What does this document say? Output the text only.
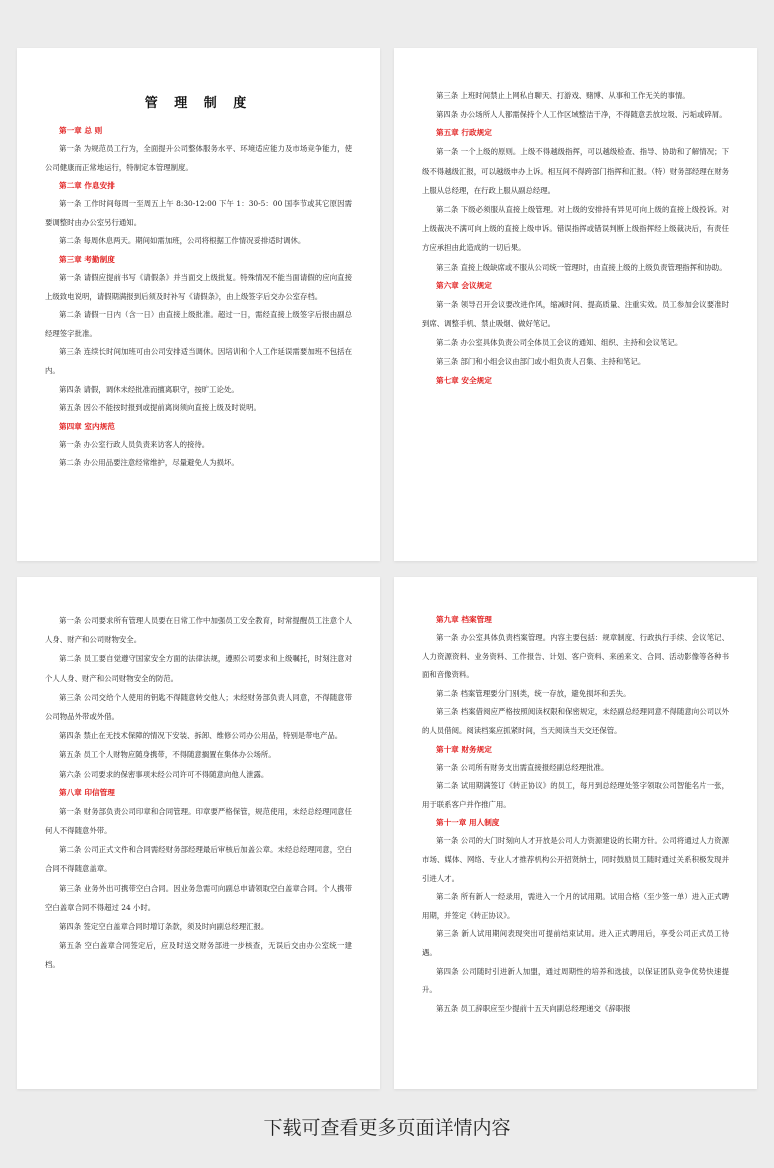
管 理 制 度

第一章 总 则

第一条 为规范员工行为，全面提升公司整体服务水平、环境适应能力及市场竞争能力，使公司健康而正常地运行，特制定本管理制度。

第二章 作息安排

第一条 工作时间每周一至周五上午 8:30-12:00 下午 1：30-5：00 国李节或其它原因需要调整时由办公室另行通知。

第二条 每周休息两天。期间如需加班，公司将根据工作情况妥排适时调休。

第三章 考勤制度

第一条 请假应提前书写《请假条》并当面交上级批复。特殊情况不能当面请假的应向直接上级致电说明，请假期满报到后须及时补写《请假条》，由上级签字后交办公室存档。

第二条 请假一日内（含一日）由直接上级批准。超过一日，需经直接上级签字后报由副总经理签字批准。

第三条 连续长时间加班可由公司安排适当调休。因培训和个人工作延误需要加班不包括在内。

第四条 请假，调休未经批准而擅离职守，按旷工论处。

第五条 因公不能按时报到或提前离岗须向直接上级及时说明。

第四章 室内规范

第一条 办公室行政人员负责来访客人的接待。

第二条 办公用品要注意经常维护，尽量避免人为损坏。

第三条 上班时间禁止上网私自聊天、打游戏、赌博、从事和工作无关的事情。

第四条 办公场所人人都需保持个人工作区域整洁干净，不得随意丢放垃圾、污垢或碎屑。

第五章 行政规定

第一条 一个上级的原则。上级不得越级指挥，可以越级检查、指导、协助和了解情况；下级不得越级汇报，可以越级申办上诉。相互间不得跨部门指挥和汇报。（特）财务部经理在财务上服从总经理，在行政上服从副总经理。

第二条 下级必须服从直接上级管理。对上级的安排持有异见可向上级的直接上级投诉。对上级裁决不满可向上级的直接上级申诉。错误指挥或错误判断上级指挥经上级裁决后，有责任方应承担由此造成的一切后果。

第三条 直接上级缺席或不服从公司统一管理时，由直接上级的上级负责管理指挥和协助。

第六章 会议规定

第一条 领导召开会议要改进作风，缩减时间、提高质量、注重实效。员工参加会议要准时到席、调整手机、禁止吸烟、做好笔记。

第二条 办公室具体负责公司全体员工会议的通知、组织、主持和会议笔记。

第三条 部门和小组会议由部门或小组负责人召集、主持和笔记。

第七章 安全规定

第一条 公司要求所有管理人员要在日常工作中加强员工安全教育，时常提醒员工注意个人人身、财产和公司财物安全。

第二条 员工要自觉遵守国家安全方面的法律法规，遵照公司要求和上级嘱托，时刻注意对个人人身、财产和公司财物安全的防范。

第三条 公司交给个人使用的钥匙不得随意转交他人；未经财务部负责人同意，不得随意带公司物品外带或外借。

第四条 禁止在无技术保障的情况下安装、拆卸、维修公司办公用品，特别是带电产品。

第五条 员工个人财物应随身携带，不得随意搁置在集体办公场所。

第六条 公司要求的保密事项未经公司许可不得随意向他人泄露。

第八章 印信管理

第一条 财务部负责公司印章和合同管理。印章要严格保管，规范使用，未经总经理同意任何人不得随意外带。

第二条 公司正式文件和合同需经财务部经理最后审核后加盖公章。未经总经理同意，空白合同不得随意盖章。

第三条 业务外出可携带空白合同。因业务急需可向副总申请领取空白盖章合同。个人携带空白盖章合同不得超过 24 小时。

第四条 签定空白盖章合同时增订条款，须及时向副总经理汇报。

第五条 空白盖章合同签定后，应及时送交财务部进一步核查，无误后交由办公室统一建档。

第九章 档案管理

第一条 办公室具体负责档案管理。内容主要包括：规章制度、行政执行手续、会议笔记、人力资源资料、业务资料、工作报告、计划、客户资料、来函来文、合同、活动影像等各种书面和音像资料。

第二条 档案管理要分门别类，统一存放，避免损坏和丢失。

第三条 档案借阅应严格按照阅读权限和保密规定，未经副总经理同意不得随意向公司以外的人员借阅。阅读档案应抓紧时间，当天阅读当天交还保管。

第十章 财务规定

第一条 公司所有财务支出需直接报经副总经理批准。

第二条 试用期满签订《转正协议》的员工，每月到总经理处签字领取公司智能名片一张，用于联系客户并作推广用。

第十一章 用人制度

第一条 公司的大门时刻向人才开放是公司人力资源建设的长期方针。公司将通过人力资源市场、媒体、网络、专业人才推荐机构公开招贤纳士，同时鼓励员工随时通过关系积极发现并引进人才。

第二条 所有新人一经录用，需进入一个月的试用期。试用合格（至少签一单）进入正式聘用期，并签定《转正协议》。

第三条 新人试用期间表现突出可提前结束试用。进入正式聘用后，享受公司正式员工待遇。

第四条 公司随时引进新人加盟，通过周期性的培养和选拔，以保证团队竞争优势快速提升。

第五条 员工辞职应至少提前十五天向副总经理递交《辞职报

下载可查看更多页面详情内容
